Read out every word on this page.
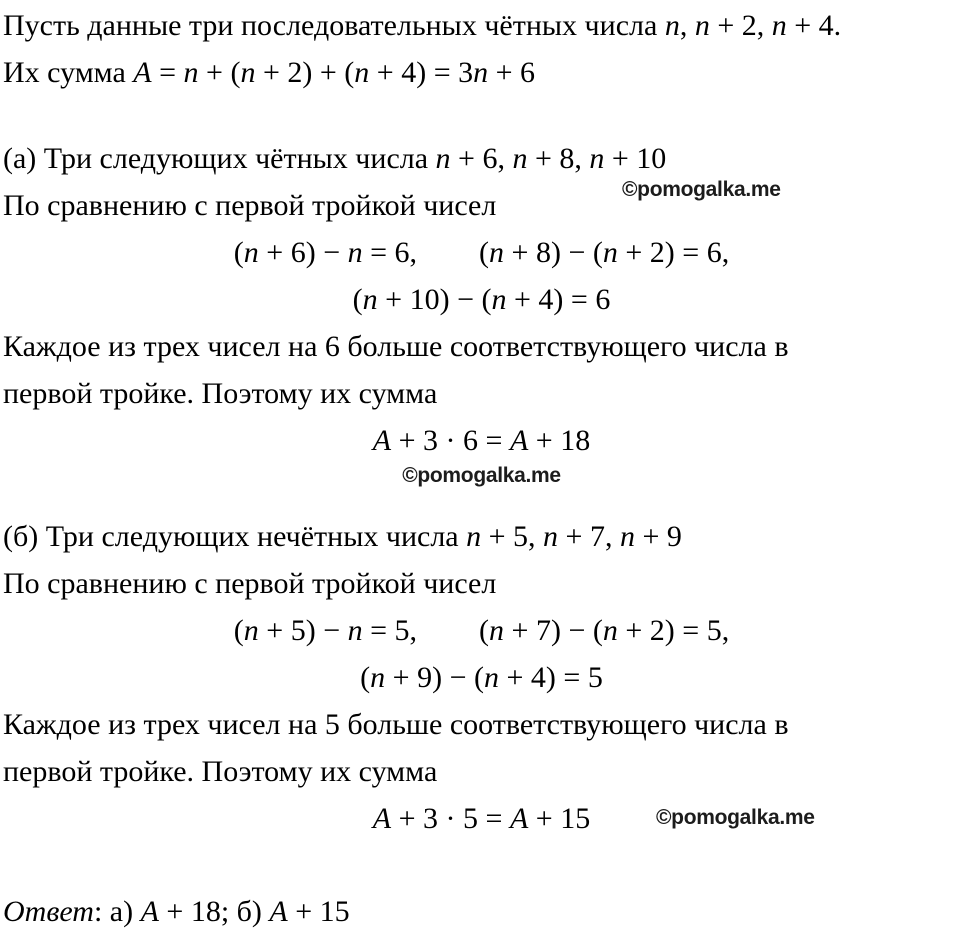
Пусть данные три последовательных чётных числа n, n + 2, n + 4.

Их сумма A = n + (n + 2) + (n + 4) = 3n + 6

©pomogalka.me

(а) Три следующих чётных числа n + 6, n + 8, n + 10

По сравнению с первой тройкой чисел

(n + 6) − n = 6, (n + 8) − (n + 2) = 6,
(n + 10) − (n + 4) = 6

Каждое из трех чисел на 6 больше соответствующего числа в

первой тройке. Поэтому их сумма

A + 3 · 6 = A + 18
©pomogalka.me

(б) Три следующих нечётных числа n + 5, n + 7, n + 9

По сравнению с первой тройкой чисел

(n + 5) − n = 5, (n + 7) − (n + 2) = 5,
(n + 9) − (n + 4) = 5

Каждое из трех чисел на 5 больше соответствующего числа в

первой тройке. Поэтому их сумма

A + 3 · 5 = A + 15	©pomogalka.me

Ответ: а) A + 18; б) A + 15
